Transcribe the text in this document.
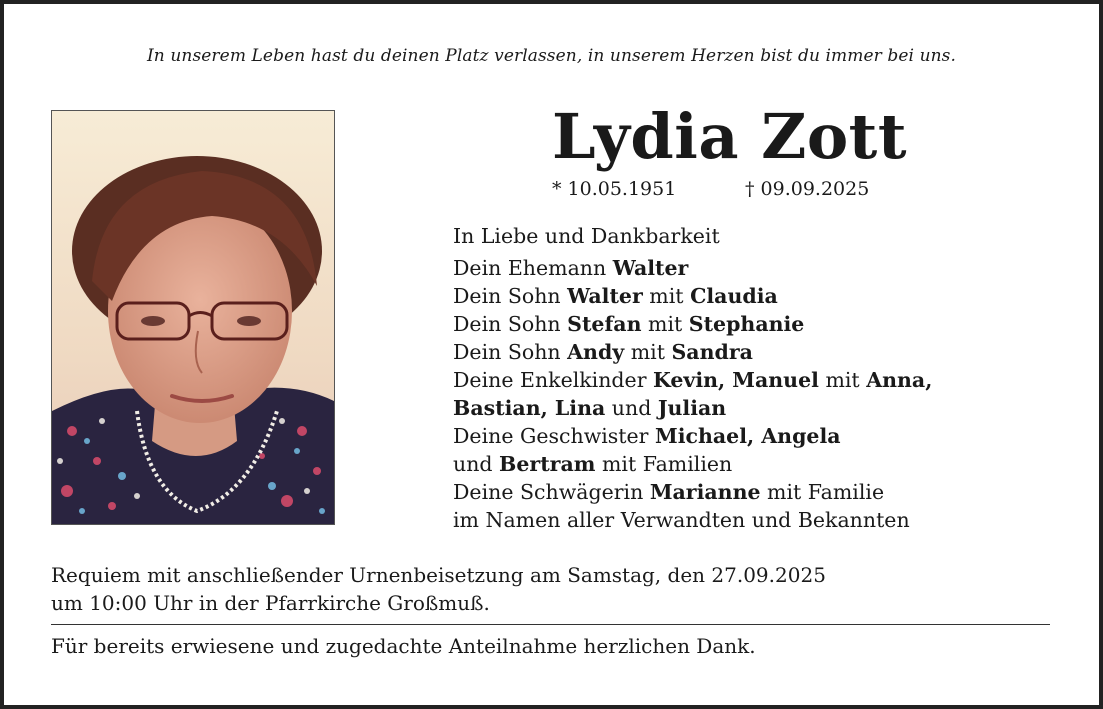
In unserem Leben hast du deinen Platz verlassen, in unserem Herzen bist du immer bei uns.
Lydia Zott
* 10.05.1951	† 09.09.2025
In Liebe und Dankbarkeit
Dein Ehemann Walter
Dein Sohn Walter mit Claudia
Dein Sohn Stefan mit Stephanie
Dein Sohn Andy mit Sandra
Deine Enkelkinder Kevin, Manuel mit Anna,
Bastian, Lina und Julian
Deine Geschwister Michael, Angela
und Bertram mit Familien
Deine Schwägerin Marianne mit Familie
im Namen aller Verwandten und Bekannten
Requiem mit anschließender Urnenbeisetzung am Samstag, den 27.09.2025
um 10:00 Uhr in der Pfarrkirche Großmuß.
Für bereits erwiesene und zugedachte Anteilnahme herzlichen Dank.
